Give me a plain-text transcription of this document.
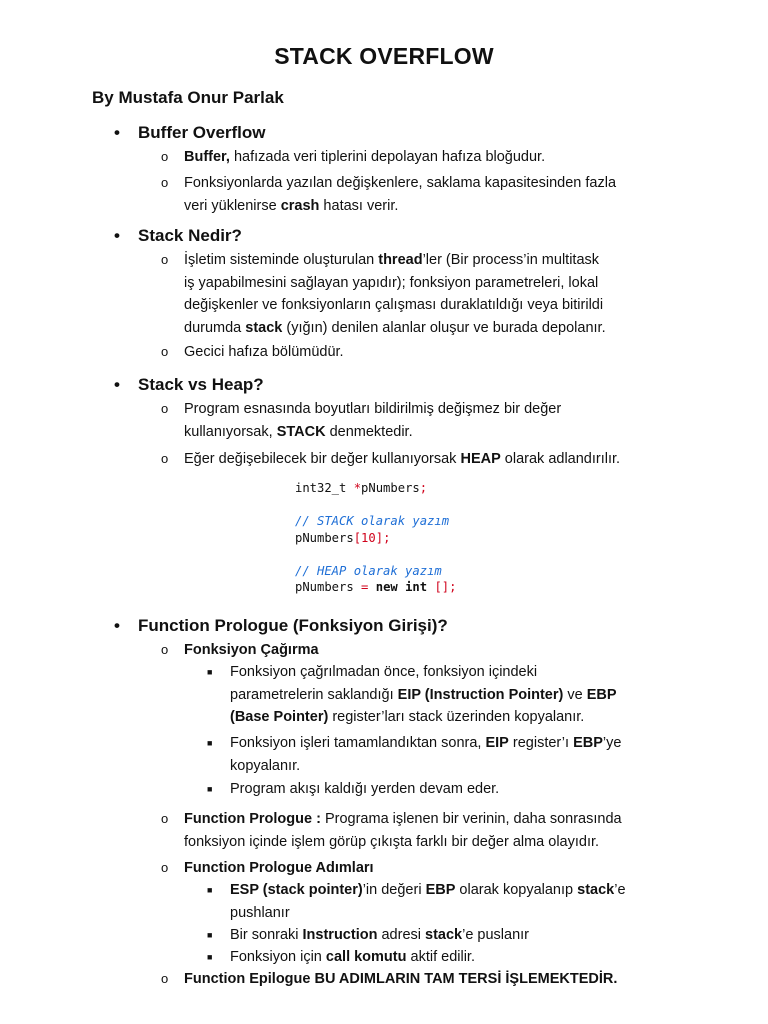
STACK OVERFLOW

By Mustafa Onur Parlak

• Buffer Overflow
o Buffer, hafızada veri tiplerini depolayan hafıza bloğudur.
o Fonksiyonlarda yazılan değişkenlere, saklama kapasitesinden fazla
veri yüklenirse crash hatası verir.
• Stack Nedir?
o İşletim sisteminde oluşturulan thread’ler (Bir process’in multitask
iş yapabilmesini sağlayan yapıdır); fonksiyon parametreleri, lokal
değişkenler ve fonksiyonların çalışması duraklatıldığı veya bitirildi
durumda stack (yığın) denilen alanlar oluşur ve burada depolanır.
o Gecici hafıza bölümüdür.
• Stack vs Heap?
o Program esnasında boyutları bildirilmiş değişmez bir değer
kullanıyorsak, STACK denmektedir.
o Eğer değişebilecek bir değer kullanıyorsak HEAP olarak adlandırılır.
int32_t *pNumbers;
// STACK olarak yazım
pNumbers[10];
// HEAP olarak yazım
pNumbers = new int [];
• Function Prologue (Fonksiyon Girişi)?
o Fonksiyon Çağırma
■ Fonksiyon çağrılmadan önce, fonksiyon içindeki
parametrelerin saklandığı EIP (Instruction Pointer) ve EBP
(Base Pointer) register’ları stack üzerinden kopyalanır.
■ Fonksiyon işleri tamamlandıktan sonra, EIP register’ı EBP’ye
kopyalanır.
■ Program akışı kaldığı yerden devam eder.
o Function Prologue : Programa işlenen bir verinin, daha sonrasında
fonksiyon içinde işlem görüp çıkışta farklı bir değer alma olayıdır.
o Function Prologue Adımları
■ ESP (stack pointer)’in değeri EBP olarak kopyalanıp stack’e
pushlanır
■ Bir sonraki Instruction adresi stack’e puslanır
■ Fonksiyon için call komutu aktif edilir.
o Function Epilogue BU ADIMLARIN TAM TERSİ İŞLEMEKTEDİR.
